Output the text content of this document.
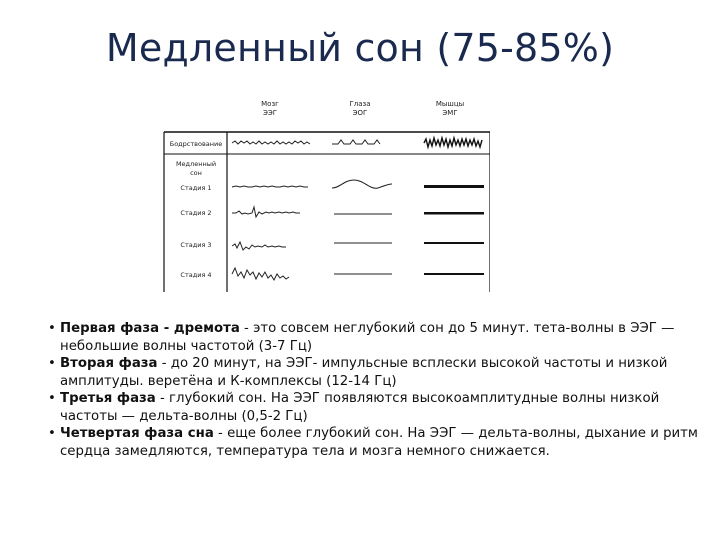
Медленный сон (75-85%)
Мозг
ЭЭГ
Глаза
ЭОГ
Мышцы
ЭМГ
Бодрствование
Медленный
сон
Стадия 1
Стадия 2
Стадия 3
Стадия 4
• Первая фаза - дремота - это совсем неглубокий сон до 5 минут. тета-волны в ЭЭГ — небольшие волны частотой (3-7 Гц)
• Вторая фаза - до 20 минут, на ЭЭГ- импульсные всплески высокой частоты и низкой амплитуды. веретёна и К-комплексы (12-14 Гц)
• Третья фаза - глубокий сон. На ЭЭГ появляются высокоамплитудные волны низкой частоты — дельта-волны (0,5-2 Гц)
• Четвертая фаза сна - еще более глубокий сон. На ЭЭГ — дельта-волны, дыхание и ритм сердца замедляются, температура тела и мозга немного снижается.
